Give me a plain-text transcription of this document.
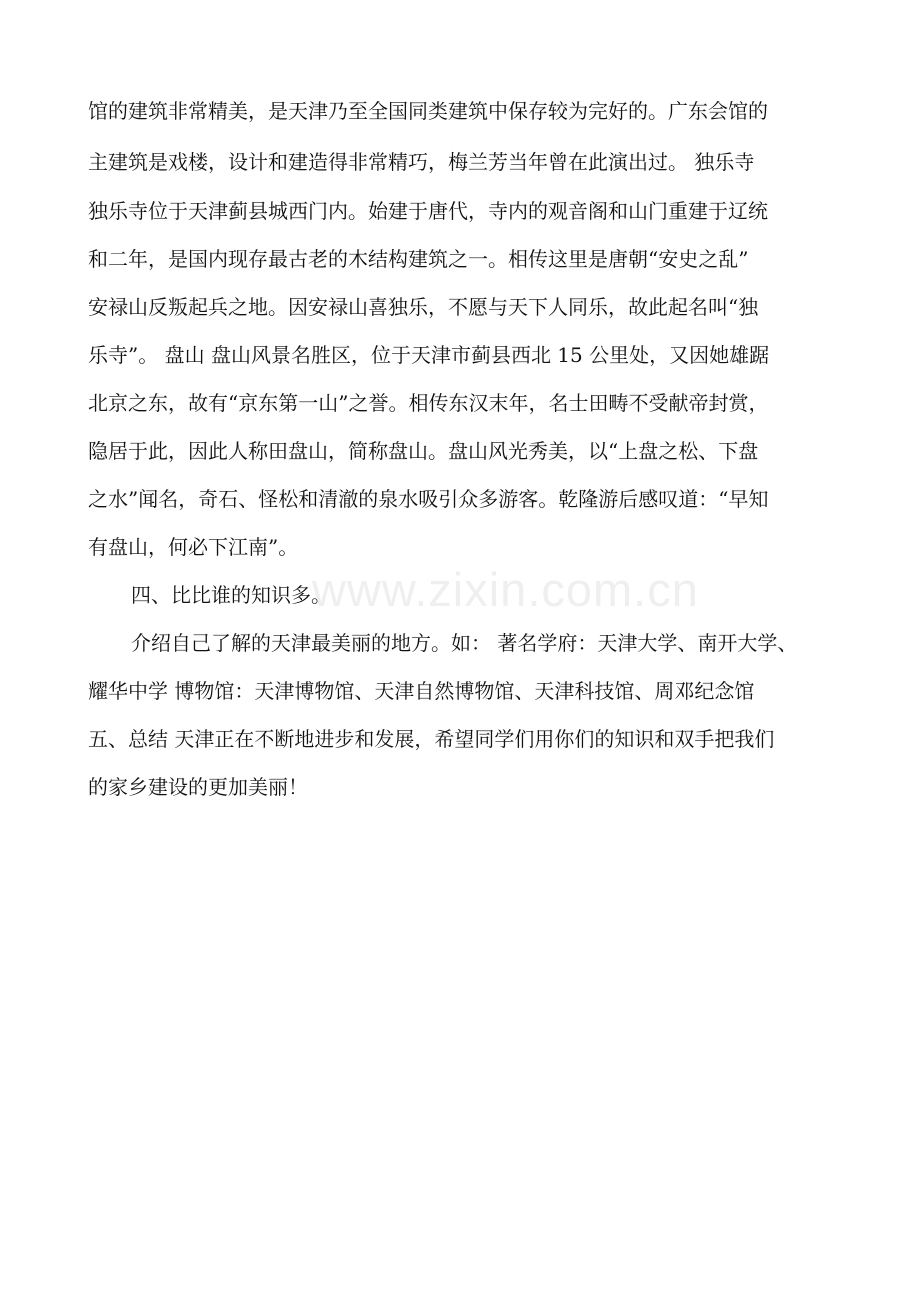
馆的建筑非常精美，是天津乃至全国同类建筑中保存较为完好的。广东会馆的
主建筑是戏楼，设计和建造得非常精巧，梅兰芳当年曾在此演出过。 独乐寺
独乐寺位于天津蓟县城西门内。始建于唐代，寺内的观音阁和山门重建于辽统
和二年，是国内现存最古老的木结构建筑之一。相传这里是唐朝“安史之乱”
安禄山反叛起兵之地。因安禄山喜独乐，不愿与天下人同乐，故此起名叫“独
乐寺”。 盘山 盘山风景名胜区，位于天津市蓟县西北 15 公里处，又因她雄踞
北京之东，故有“京东第一山”之誉。相传东汉末年，名士田畴不受献帝封赏，
隐居于此，因此人称田盘山，简称盘山。盘山风光秀美，以“上盘之松、下盘
之水”闻名，奇石、怪松和清澈的泉水吸引众多游客。乾隆游后感叹道：“早知
有盘山，何必下江南”。
四、比比谁的知识多。
介绍自己了解的天津最美丽的地方。如： 著名学府：天津大学、南开大学、
耀华中学 博物馆：天津博物馆、天津自然博物馆、天津科技馆、周邓纪念馆
五、总结 天津正在不断地进步和发展，希望同学们用你们的知识和双手把我们
的家乡建设的更加美丽！
www.zixin.com.cn
